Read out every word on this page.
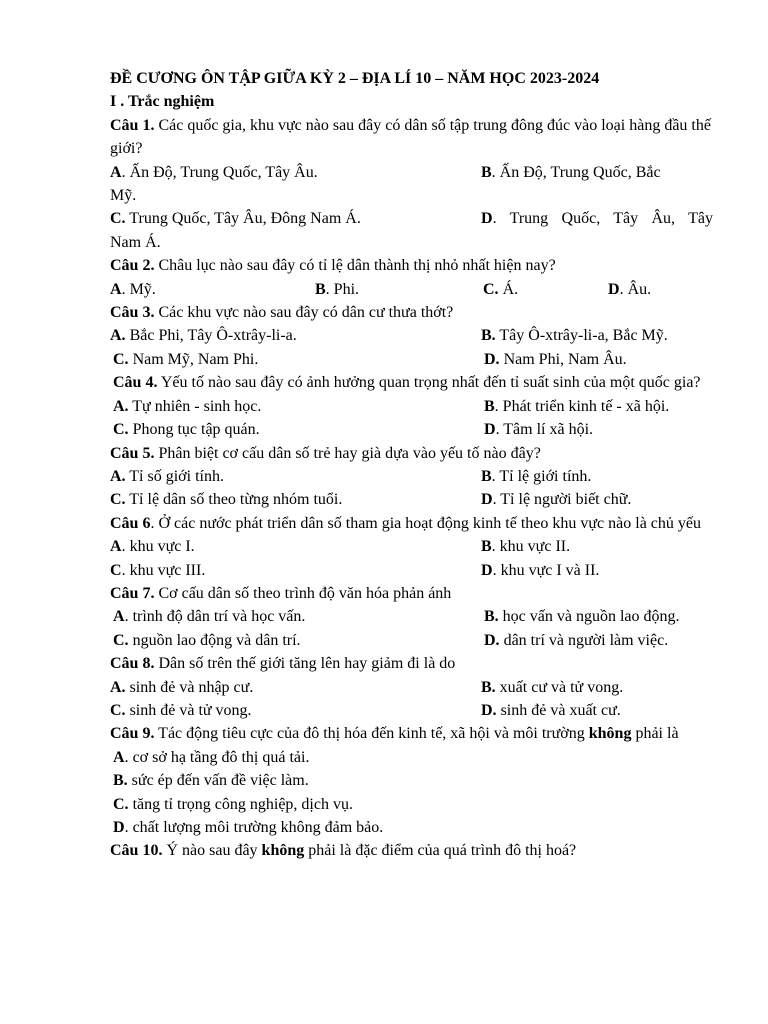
ĐỀ CƯƠNG ÔN TẬP GIỮA KỲ 2 – ĐỊA LÍ 10 – NĂM HỌC 2023-2024

I . Trắc nghiệm

Câu 1. Các quốc gia, khu vực nào sau đây có dân số tập trung đông đúc vào loại hàng đầu thế giới?

A. Ấn Độ, Trung Quốc, Tây Âu.	B. Ấn Độ, Trung Quốc, Bắc

Mỹ.

C. Trung Quốc, Tây Âu, Đông Nam Á.	D. Trung Quốc, Tây Âu, Tây

Nam Á.

Câu 2. Châu lục nào sau đây có tỉ lệ dân thành thị nhỏ nhất hiện nay?

A. Mỹ.	B. Phi.	C. Á.	D. Âu.

Câu 3. Các khu vực nào sau đây có dân cư thưa thớt?

A. Bắc Phi, Tây Ô-xtrây-li-a.	B. Tây Ô-xtrây-li-a, Bắc Mỹ.
C. Nam Mỹ, Nam Phi.	D. Nam Phi, Nam Âu.

Câu 4. Yếu tố nào sau đây có ảnh hưởng quan trọng nhất đến tỉ suất sinh của một quốc gia?

A. Tự nhiên - sinh học.	B. Phát triển kinh tế - xã hội.
C. Phong tục tập quán.	D. Tâm lí xã hội.

Câu 5. Phân biệt cơ cấu dân số trẻ hay già dựa vào yếu tố nào đây?

A. Tỉ số giới tính.	B. Tỉ lệ giới tính.
C. Tỉ lệ dân số theo từng nhóm tuổi.	D. Tỉ lệ người biết chữ.

Câu 6. Ở các nước phát triển dân số tham gia hoạt động kinh tế theo khu vực nào là chủ yếu

A. khu vực I.	B. khu vực II.
C. khu vực III.	D. khu vực I và II.

Câu 7. Cơ cấu dân số theo trình độ văn hóa phản ánh

A. trình độ dân trí và học vấn.	B. học vấn và nguồn lao động.
C. nguồn lao động và dân trí.	D. dân trí và người làm việc.

Câu 8. Dân số trên thế giới tăng lên hay giảm đi là do

A. sinh đẻ và nhập cư.	B. xuất cư và tử vong.
C. sinh đẻ và tử vong.	D. sinh đẻ và xuất cư.

Câu 9. Tác động tiêu cực của đô thị hóa đến kinh tế, xã hội và môi trường không phải là

A. cơ sở hạ tầng đô thị quá tải.

B. sức ép đến vấn đề việc làm.

C. tăng tỉ trọng công nghiệp, dịch vụ.

D. chất lượng môi trường không đảm bảo.

Câu 10. Ý nào sau đây không phải là đặc điểm của quá trình đô thị hoá?
